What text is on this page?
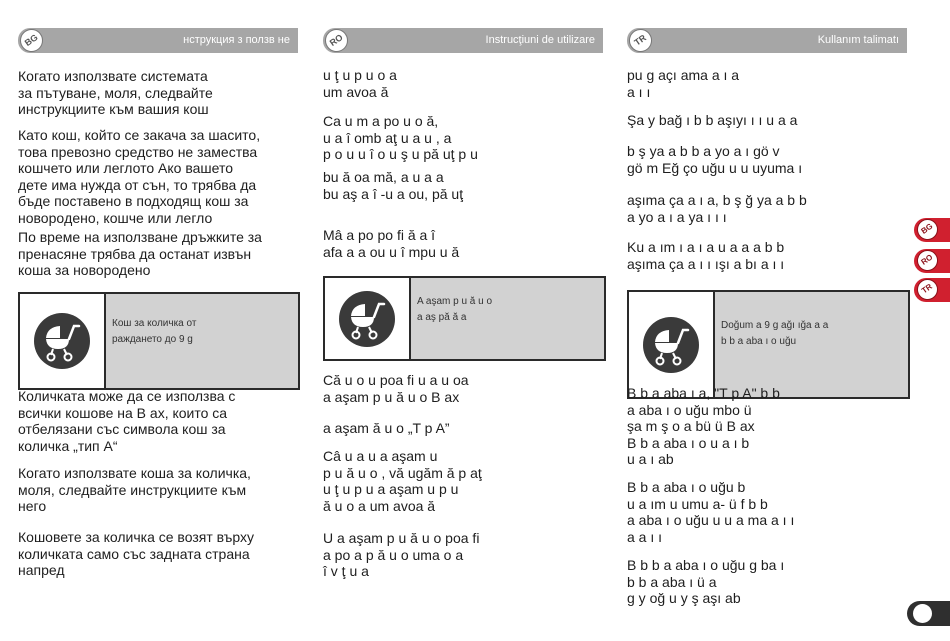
BG	нструкция з ползв не
Когато използвате системата
за пътуване, моля, следвайте
инструкциите към вашия кош
Като кош, който се закача за шасито,
това превозно средство не замества
кошчето или леглото Ако вашето
дете има нужда от сън, то трябва да
бъде поставено в подходящ кош за
новорoдено, кошче или легло
По време на използване дръжките за
пренасяне трябва да останат извън
коша за новородено
Кош за количка от
раждането до 9 g
Количката може да се използва с
всички кошове на B ax, които са
отбелязани със символа кош за
количка „тип А“
Когато използвате коша за количка,
моля, следвайте инструкциите към
него
Кошовете за количка се возят върху
количката само със задната страна
напред
RO	Instrucţiuni de utilizare
u ţ u p u o a
um avoa ă
Ca u m a po u o ă,
u a î omb aţ u a u , a
p o u u î o u ş u pă uţ p u
bu ă oa mă, a u a a
bu aş a î -u a ou, pă uţ
Mâ a po po fi ă a î
afa a a ou u î mpu u ă
A aşam p u ă u o
a aş pă ă a
Că u o u poa fi u a u oa
a aşam p u ă u o B ax
a aşam ă u o „T p A”
Câ u a u a aşam u
p u ă u o , vă ugăm ă p aţ
u ţ u p u a aşam u p u
ă u o a um avoa ă
U a aşam p u ă u o poa fi
a po a p ă u o uma o a
î v ţ u a
TR	Kullanım talimatı
pu g açı ama a ı a
a ı ı
Şa y bağ ı b b aşıyı ı ı u a a
b ş ya a b b a yo a ı gö v
gö m Eğ ço uğu u u uyuma ı
aşıma ça a ı a, b ş ğ ya a b b
a yo a ı a ya ı ı ı
Ku a ım ı a ı a u a a a b b
aşıma ça a ı ı ışı a bı a ı ı
Doğum a 9 g ağı ığa a a
b b a aba ı o uğu
B b a aba ı a, "T p A" b b
a aba ı o uğu mbo ü
şa m ş o a bü ü B ax
B b a aba ı o u a ı b
u a ı ab
B b a aba ı o uğu b
u a ım u umu a- ü f b b
a aba ı o uğu u u a ma a ı ı
a a ı ı
B b b a aba ı o uğu g ba ı
b b a aba ı ü a
g y oğ u y ş aşı ab
BG
RO
TR
